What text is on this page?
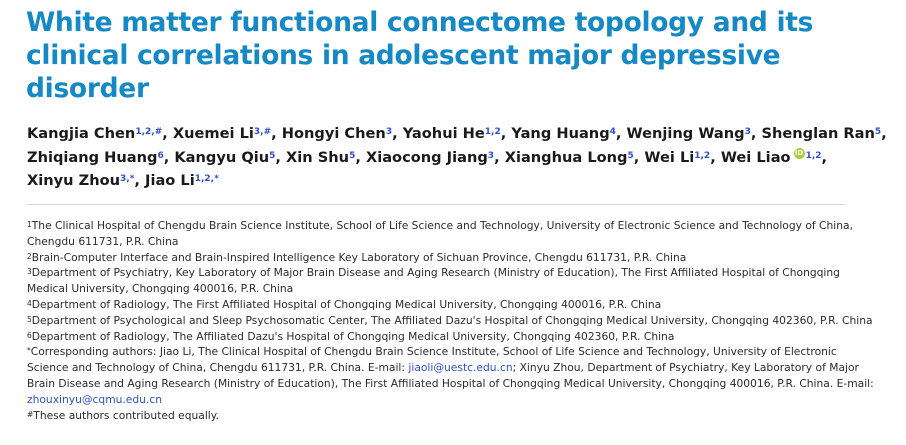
White matter functional connectome topology and its
clinical correlations in adolescent major depressive
disorder
Kangjia Chen$^{1,2,\#}$, Xuemei $Li^{3,\#}$, Hongyi Chen$^3$, Yaohui He$^{1,2}$, Yang Huang$^4$, Wenjing Wang$^3$, Shenglan Ran$^5$,
Zhiqiang Huang$^6$, Kangyu Qiu$^5$, Xin Shu$^5$, Xiaocong Jiang$^3$, Xianghua Long$^5$, Wei Li$^{1,2}$, Wei Liao iD $^{1,2}$,
Xinyu Zhou$^{3,*}$, Jiao $Li^{1,2,*}$
$^1$The Clinical Hospital of Chengdu Brain Science Institute, School of Life Science and Technology, University of Electronic Science and Technology of China,
Chengdu 611731, P.R. China
$^2$Brain-Computer Interface and Brain-Inspired Intelligence Key Laboratory of Sichuan Province, Chengdu 611731, P.R. China
$^3$Department of Psychiatry, Key Laboratory of Major Brain Disease and Aging Research (Ministry of Education), The First Affiliated Hospital of Chongqing
Medical University, Chongqing 400016, P.R. China
$^4$Department of Radiology, The First Affiliated Hospital of Chongqing Medical University, Chongqing 400016, P.R. China
$^5$Department of Psychological and Sleep Psychosomatic Center, The Affiliated Dazu's Hospital of Chongqing Medical University, Chongqing 402360, P.R. China
$^6$Department of Radiology, The Affiliated Dazu's Hospital of Chongqing Medical University, Chongqing 402360, P.R. China
*Corresponding authors: Jiao Li, The Clinical Hospital of Chengdu Brain Science Institute, School of Life Science and Technology, University of Electronic
Science and Technology of China, Chengdu 611731, P.R. China. E-mail: jiaoli@uestc.edu.cn; Xinyu Zhou, Department of Psychiatry, Key Laboratory of Major
Brain Disease and Aging Research (Ministry of Education), The First Affiliated Hospital of Chongqing Medical University, Chongqing 400016, P.R. China. E-mail:
zhouxinyu@cqmu.edu.cn
#These authors contributed equally.
